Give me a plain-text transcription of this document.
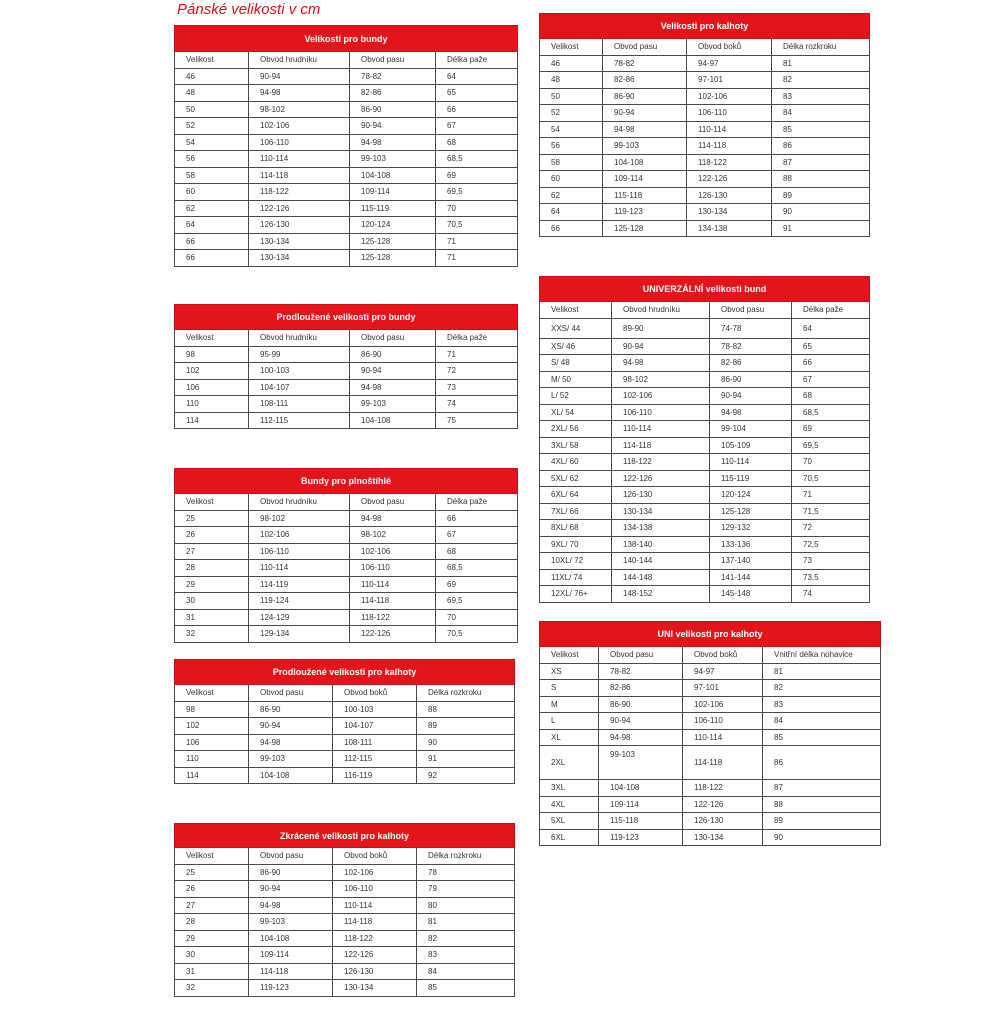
Pánské velikosti v cm
Velikosti pro bundy			
Velikost	Obvod hrudníku	Obvod pasu	Délka paže
46	90-94	78-82	64
48	94-98	82-86	65
50	98-102	86-90	66
52	102-106	90-94	67
54	106-110	94-98	68
56	110-114	99-103	68,5
58	114-118	104-108	69
60	118-122	109-114	69,5
62	122-126	115-119	70
64	126-130	120-124	70,5
66	130-134	125-128	71
66	130-134	125-128	71
Prodloužené velikosti pro bundy			
Velikost	Obvod hrudníku	Obvod pasu	Délka paže
98	95-99	86-90	71
102	100-103	90-94	72
106	104-107	94-98	73
110	108-111	99-103	74
114	112-115	104-108	75
Bundy pro plnoštíhlé			
Velikost	Obvod hrudníku	Obvod pasu	Délka paže
25	98-102	94-98	66
26	102-106	98-102	67
27	106-110	102-106	68
28	110-114	106-110	68,5
29	114-119	110-114	69
30	119-124	114-118	69,5
31	124-129	118-122	70
32	129-134	122-126	70,5
Prodloužené velikosti pro kalhoty			
Velikost	Obvod pasu	Obvod boků	Délka rozkroku
98	86-90	100-103	88
102	90-94	104-107	89
106	94-98	108-111	90
110	99-103	112-115	91
114	104-108	116-119	92
Zkrácené velikosti pro kalhoty			
Velikost	Obvod pasu	Obvod boků	Délka rozkroku
25	86-90	102-106	78
26	90-94	106-110	79
27	94-98	110-114	80
28	99-103	114-118	81
29	104-108	118-122	82
30	109-114	122-126	83
31	114-118	126-130	84
32	119-123	130-134	85
Velikosti pro kalhoty			
Velikost	Obvod pasu	Obvod boků	Délka rozkroku
46	78-82	94-97	81
48	82-86	97-101	82
50	86-90	102-106	83
52	90-94	106-110	84
54	94-98	110-114	85
56	99-103	114-118	86
58	104-108	118-122	87
60	109-114	122-126	88
62	115-118	126-130	89
64	119-123	130-134	90
66	125-128	134-138	91
UNIVERZÁLNÍ velikosti bund			
Velikost	Obvod hrudníku	Obvod pasu	Délka paže
XXS/ 44	89-90	74-78	64
XS/ 46	90-94	78-82	65
S/ 48	94-98	82-86	66
M/ 50	98-102	86-90	67
L/ 52	102-106	90-94	68
XL/ 54	106-110	94-98	68,5
2XL/ 56	110-114	99-104	69
3XL/ 58	114-118	105-109	69,5
4XL/ 60	118-122	110-114	70
5XL/ 62	122-126	115-119	70,5
6XL/ 64	126-130	120-124	71
7XL/ 66	130-134	125-128	71,5
8XL/ 68	134-138	129-132	72
9XL/ 70	138-140	133-136	72,5
10XL/ 72	140-144	137-140	73
11XL/ 74	144-148	141-144	73,5
12XL/ 76+	148-152	145-148	74
UNI velikosti pro kalhoty			
Velikost	Obvod pasu	Obvod boků	Vnitřní délka nohavice
XS	78-82	94-97	81
S	82-86	97-101	82
M	86-90	102-106	83
L	90-94	106-110	84
XL	94-98	110-114	85
2XL	99-103	114-118	86
3XL	104-108	118-122	87
4XL	109-114	122-126	88
5XL	115-118	126-130	89
6XL	119-123	130-134	90
